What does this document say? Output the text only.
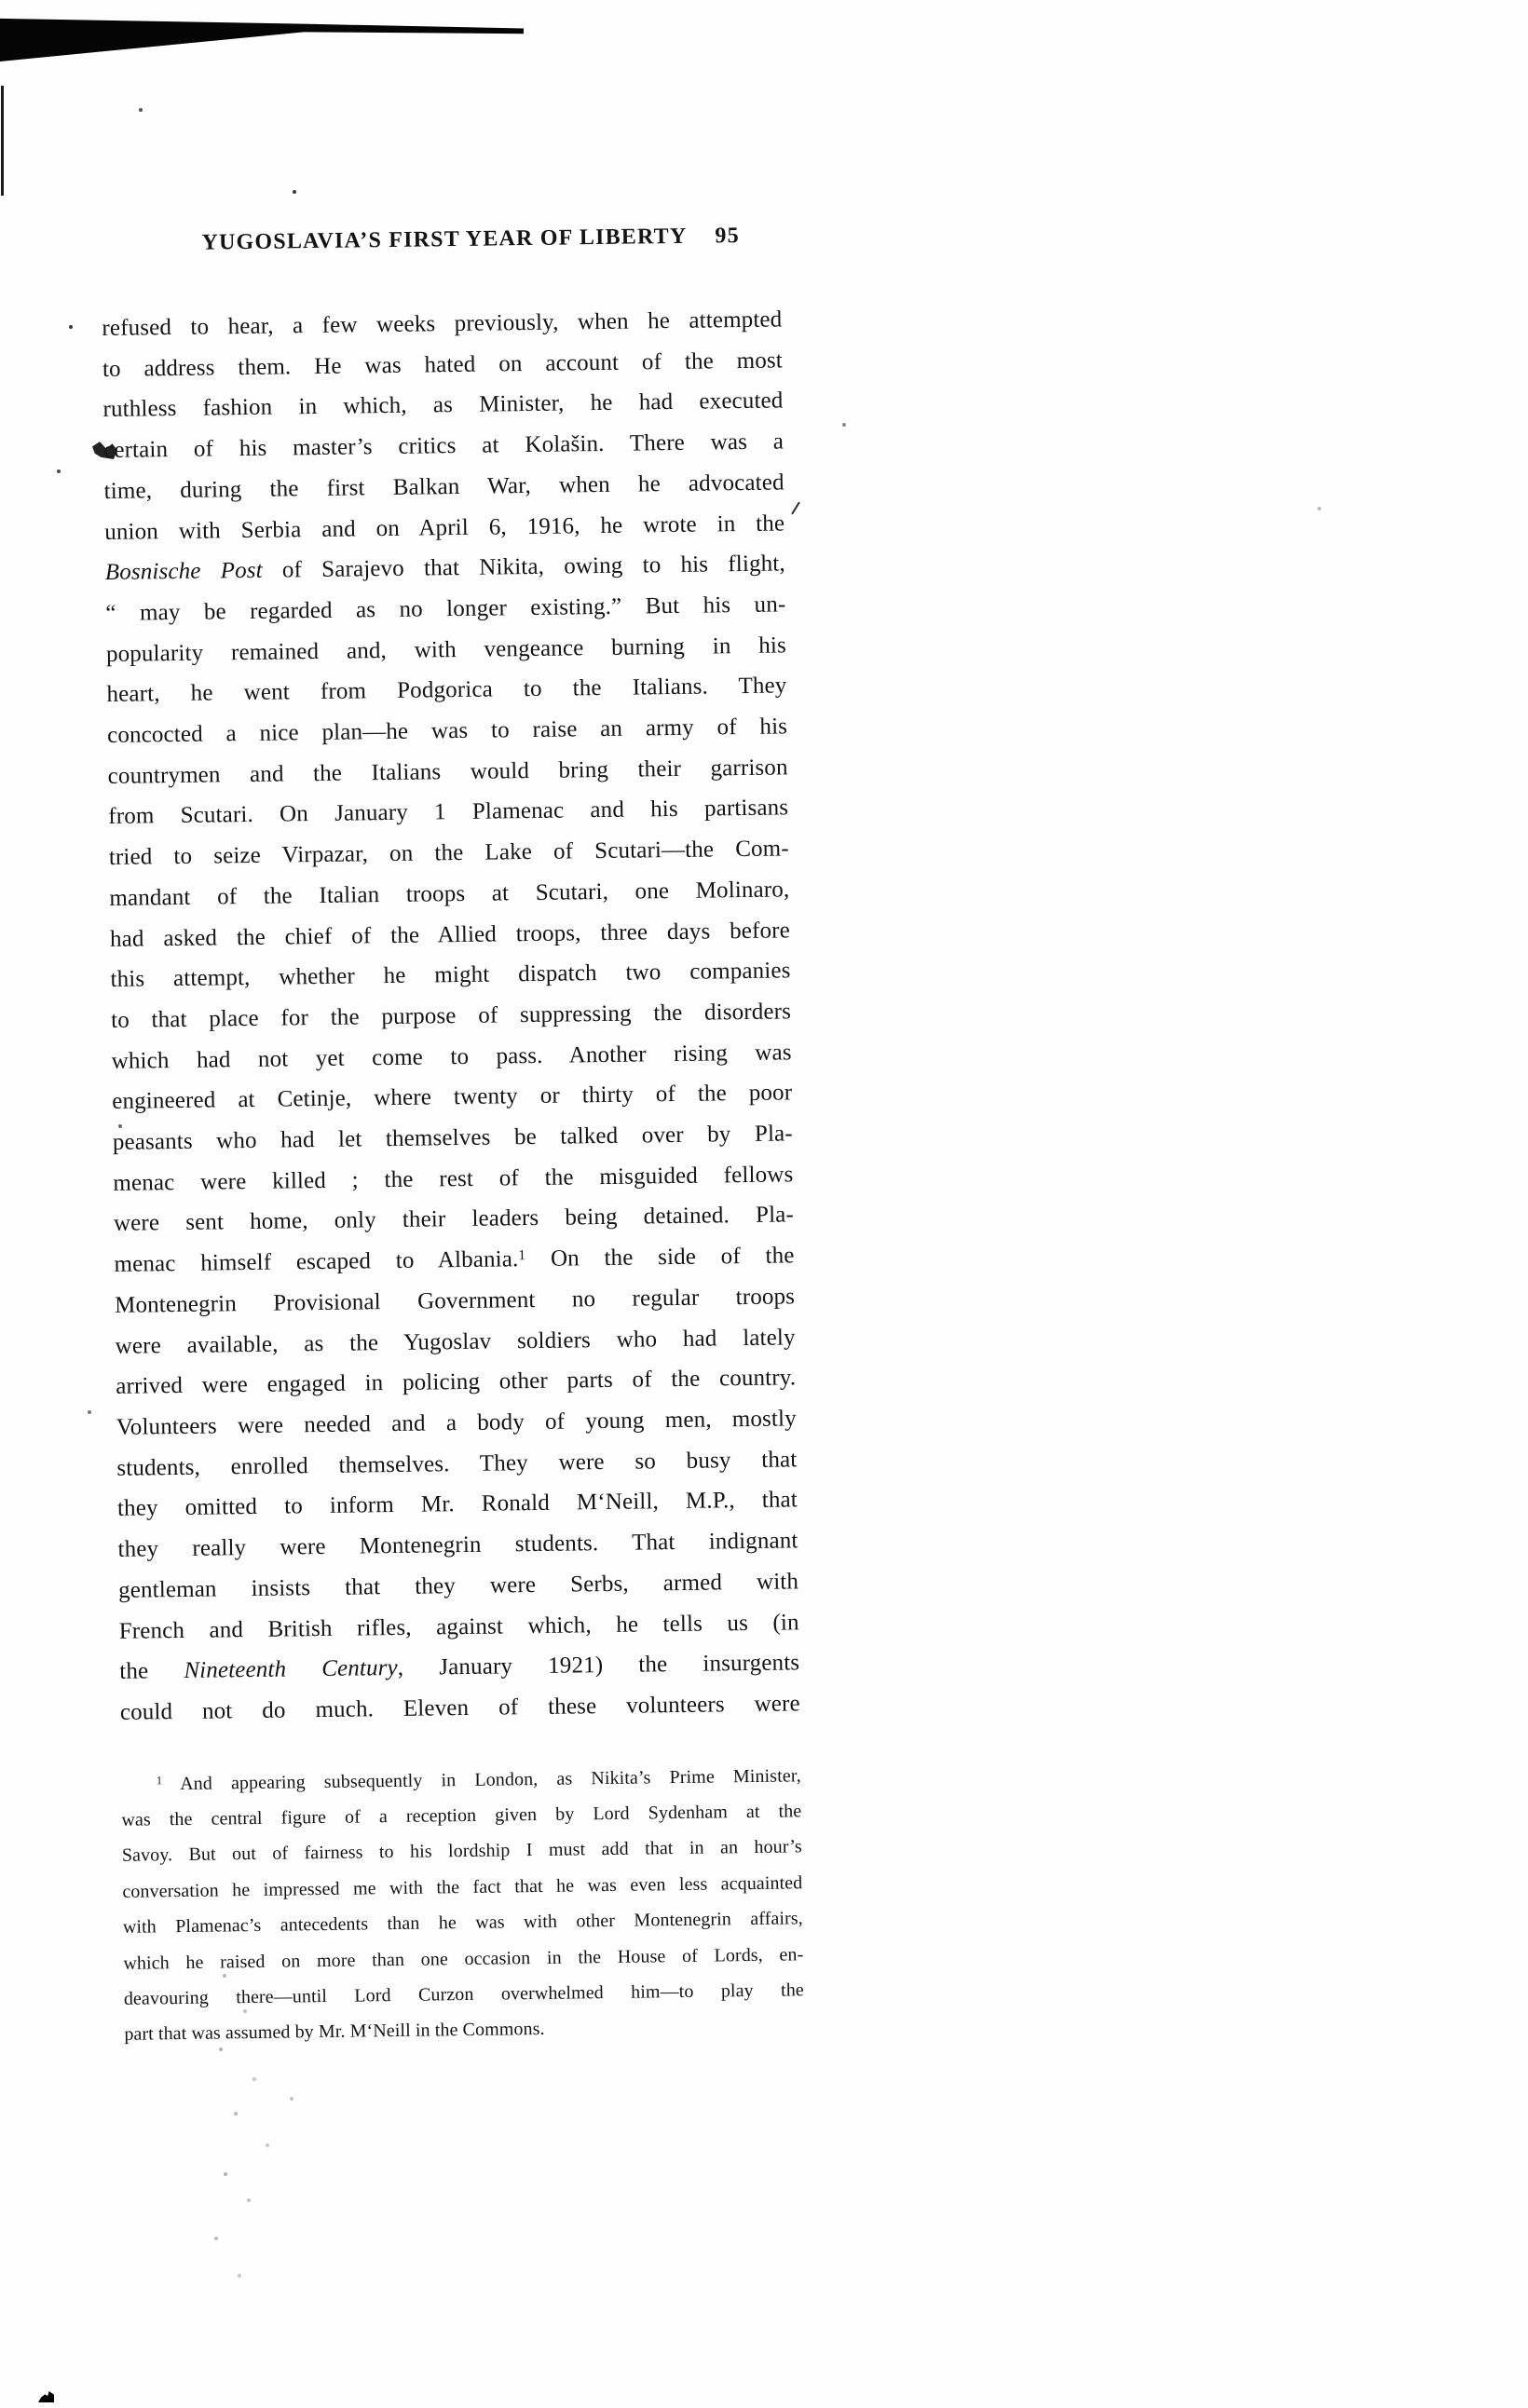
YUGOSLAVIA’S FIRST YEAR OF LIBERTY 95
refused to hear, a few weeks previously, when he attempted
to address them. He was hated on account of the most
ruthless fashion in which, as Minister, he had executed
certain of his master’s critics at Kolašin. There was a
time, during the first Balkan War, when he advocated
union with Serbia and on April 6, 1916, he wrote in the
Bosnische Post of Sarajevo that Nikita, owing to his flight,
“ may be regarded as no longer existing.” But his un-
popularity remained and, with vengeance burning in his
heart, he went from Podgorica to the Italians. They
concocted a nice plan—he was to raise an army of his
countrymen and the Italians would bring their garrison
from Scutari. On January 1 Plamenac and his partisans
tried to seize Virpazar, on the Lake of Scutari—the Com-
mandant of the Italian troops at Scutari, one Molinaro,
had asked the chief of the Allied troops, three days before
this attempt, whether he might dispatch two companies
to that place for the purpose of suppressing the disorders
which had not yet come to pass. Another rising was
engineered at Cetinje, where twenty or thirty of the poor
peasants who had let themselves be talked over by Pla-
menac were killed ; the rest of the misguided fellows
were sent home, only their leaders being detained. Pla-
menac himself escaped to Albania.$^1$ On the side of the
Montenegrin Provisional Government no regular troops
were available, as the Yugoslav soldiers who had lately
arrived were engaged in policing other parts of the country.
Volunteers were needed and a body of young men, mostly
students, enrolled themselves. They were so busy that
they omitted to inform Mr. Ronald M‘Neill, M.P., that
they really were Montenegrin students. That indignant
gentleman insists that they were Serbs, armed with
French and British rifles, against which, he tells us (in
the Nineteenth Century, January 1921) the insurgents
could not do much. Eleven of these volunteers were
$^1$ And appearing subsequently in London, as Nikita’s Prime Minister,
was the central figure of a reception given by Lord Sydenham at the
Savoy. But out of fairness to his lordship I must add that in an hour’s
conversation he impressed me with the fact that he was even less acquainted
with Plamenac’s antecedents than he was with other Montenegrin affairs,
which he raised on more than one occasion in the House of Lords, en-
deavouring there—until Lord Curzon overwhelmed him—to play the
part that was assumed by Mr. M‘Neill in the Commons.
